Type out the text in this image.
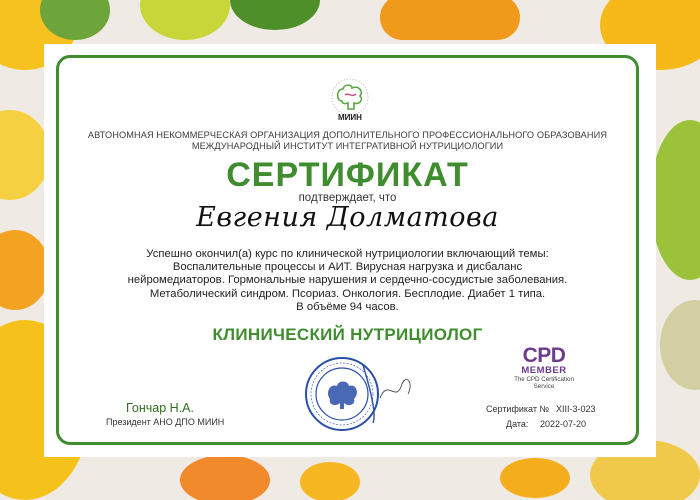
МИИН
АВТОНОМНАЯ НЕКОММЕРЧЕСКАЯ ОРГАНИЗАЦИЯ ДОПОЛНИТЕЛЬНОГО ПРОФЕССИОНАЛЬНОГО ОБРАЗОВАНИЯ
МЕЖДУНАРОДНЫЙ ИНСТИТУТ ИНТЕГРАТИВНОЙ НУТРИЦИОЛОГИИ
СЕРТИФИКАТ
подтверждает, что
Евгения Долматова
Успешно окончил(а) курс по клинической нутрициологии включающий темы:
Воспалительные процессы и АИТ. Вирусная нагрузка и дисбаланс
нейромедиаторов. Гормональные нарушения и сердечно-сосудистые заболевания.
Метаболический синдром. Псориаз. Онкология. Бесплодие. Диабет 1 типа.
В объёме 94 часов.
КЛИНИЧЕСКИЙ НУТРИЦИОЛОГ
Гончар Н.А.
Президент АНО ДПО МИИН
Сертификат № XIII-3-023
Дата: 2022-07-20
CPD
MEMBER
The CPD Certification
Service
